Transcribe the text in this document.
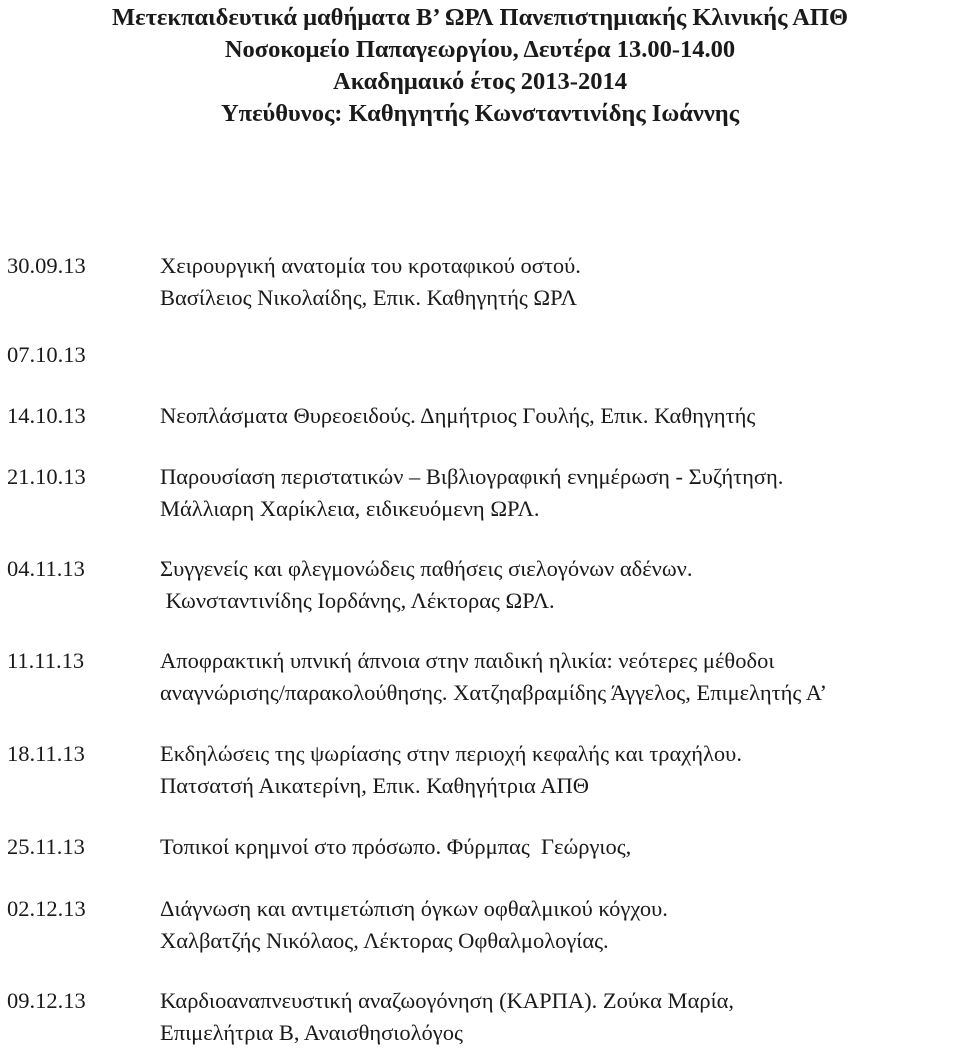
Μετεκπαιδευτικά μαθήματα Β’ ΩΡΛ Πανεπιστημιακής Κλινικής ΑΠΘ
Νοσοκομείο Παπαγεωργίου, Δευτέρα 13.00-14.00
Ακαδημαικό έτος 2013-2014
Υπεύθυνος: Καθηγητής Κωνσταντινίδης Ιωάννης
30.09.13	Χειρουργική ανατομία του κροταφικού οστού.
Βασίλειος Νικολαίδης, Επικ. Καθηγητής ΩΡΛ
07.10.13
14.10.13	Νεοπλάσματα Θυρεοειδούς. Δημήτριος Γουλής, Επικ. Καθηγητής
21.10.13	Παρουσίαση περιστατικών – Βιβλιογραφική ενημέρωση - Συζήτηση.
Μάλλιαρη Χαρίκλεια, ειδικευόμενη ΩΡΛ.
04.11.13	Συγγενείς και φλεγμονώδεις παθήσεις σιελογόνων αδένων.
Κωνσταντινίδης Ιορδάνης, Λέκτορας ΩΡΛ.
11.11.13	Αποφρακτική υπνική άπνοια στην παιδική ηλικία: νεότερες μέθοδοι
αναγνώρισης/παρακολούθησης. Χατζηαβραμίδης Άγγελος, Επιμελητής Α’
18.11.13	Εκδηλώσεις της ψωρίασης στην περιοχή κεφαλής και τραχήλου.
Πατσατσή Αικατερίνη, Επικ. Καθηγήτρια ΑΠΘ
25.11.13	Τοπικοί κρημνοί στο πρόσωπο. Φύρμπας  Γεώργιος,
02.12.13	Διάγνωση και αντιμετώπιση όγκων οφθαλμικού κόγχου.
Χαλβατζής Νικόλαος, Λέκτορας Οφθαλμολογίας.
09.12.13	Καρδιοαναπνευστική αναζωογόνηση (ΚΑΡΠΑ). Ζούκα Μαρία,
Επιμελήτρια Β, Αναισθησιολόγος
